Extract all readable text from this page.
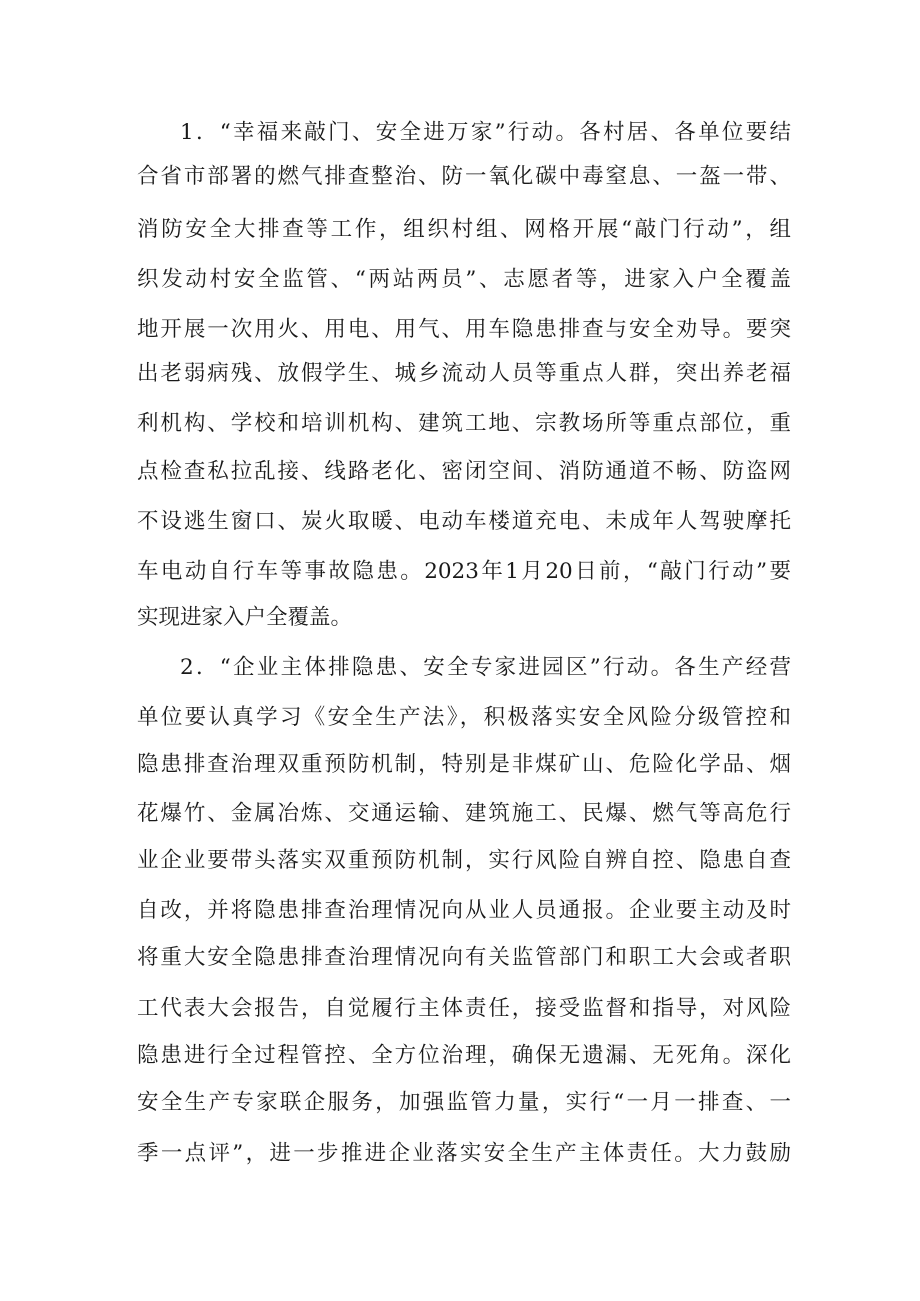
1．“幸福来敲门、安全进万家”行动。各村居、各单位要结
合省市部署的燃气排查整治、防一氧化碳中毒窒息、一盔一带、
消防安全大排查等工作，组织村组、网格开展“敲门行动”，组
织发动村安全监管、“两站两员”、志愿者等，进家入户全覆盖
地开展一次用火、用电、用气、用车隐患排查与安全劝导。要突
出老弱病残、放假学生、城乡流动人员等重点人群，突出养老福
利机构、学校和培训机构、建筑工地、宗教场所等重点部位，重
点检查私拉乱接、线路老化、密闭空间、消防通道不畅、防盗网
不设逃生窗口、炭火取暖、电动车楼道充电、未成年人驾驶摩托
车电动自行车等事故隐患。2023年1月20日前，“敲门行动”要
实现进家入户全覆盖。
2．“企业主体排隐患、安全专家进园区”行动。各生产经营
单位要认真学习《安全生产法》，积极落实安全风险分级管控和
隐患排查治理双重预防机制，特别是非煤矿山、危险化学品、烟
花爆竹、金属冶炼、交通运输、建筑施工、民爆、燃气等高危行
业企业要带头落实双重预防机制，实行风险自辨自控、隐患自查
自改，并将隐患排查治理情况向从业人员通报。企业要主动及时
将重大安全隐患排查治理情况向有关监管部门和职工大会或者职
工代表大会报告，自觉履行主体责任，接受监督和指导，对风险
隐患进行全过程管控、全方位治理，确保无遗漏、无死角。深化
安全生产专家联企服务，加强监管力量，实行“一月一排查、一
季一点评”，进一步推进企业落实安全生产主体责任。大力鼓励
